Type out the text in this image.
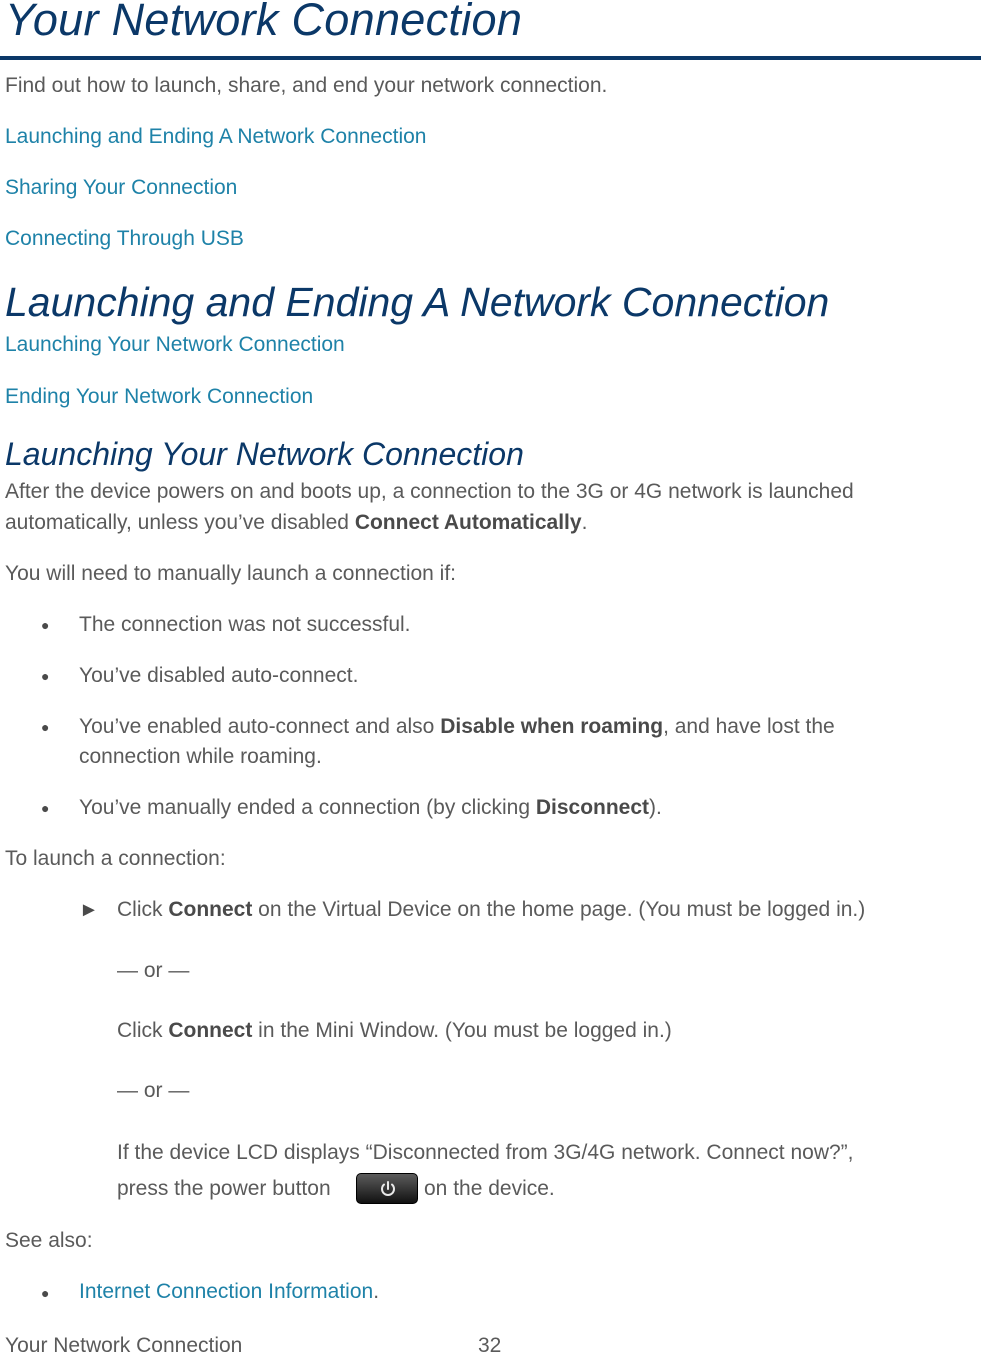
Your Network Connection
Find out how to launch, share, and end your network connection.
Launching and Ending A Network Connection
Sharing Your Connection
Connecting Through USB
Launching and Ending A Network Connection
Launching Your Network Connection
Ending Your Network Connection
Launching Your Network Connection
After the device powers on and boots up, a connection to the 3G or 4G network is launched
automatically, unless you’ve disabled Connect Automatically.
You will need to manually launch a connection if:
● The connection was not successful.
● You’ve disabled auto-connect.
● You’ve enabled auto-connect and also Disable when roaming, and have lost the
connection while roaming.
● You’ve manually ended a connection (by clicking Disconnect).
To launch a connection:
► Click Connect on the Virtual Device on the home page. (You must be logged in.)
— or —
Click Connect in the Mini Window. (You must be logged in.)
— or —
If the device LCD displays “Disconnected from 3G/4G network. Connect now?”,
press the power button	on the device.
See also:
● Internet Connection Information.
Your Network Connection	32
